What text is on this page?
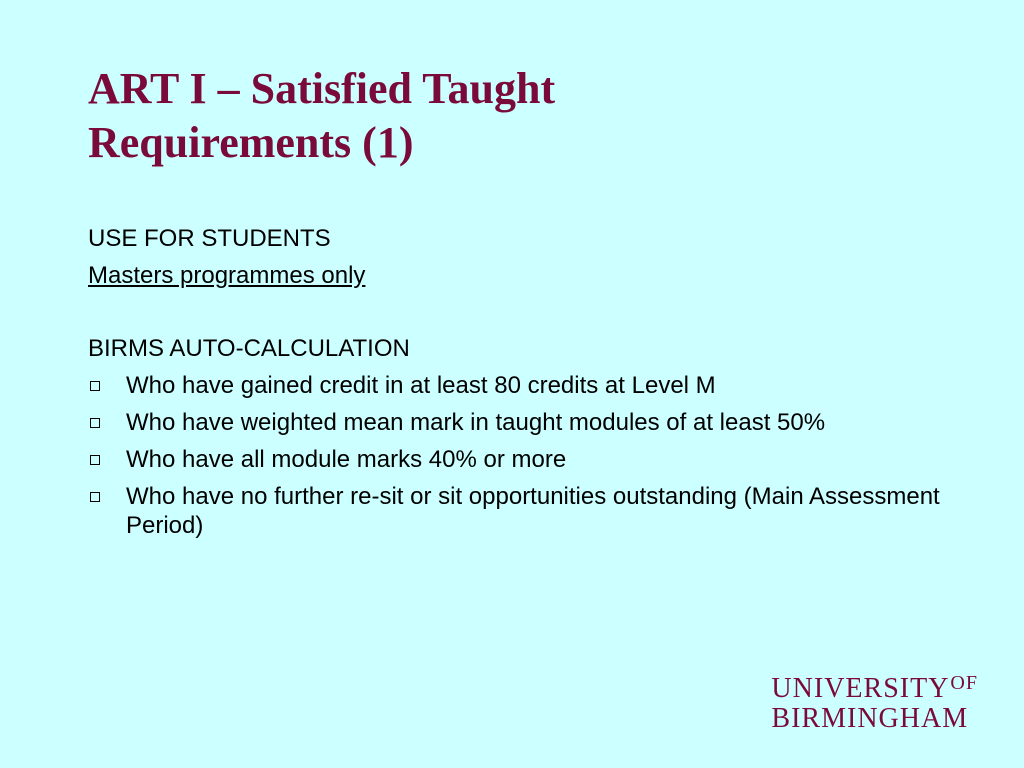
ART I – Satisfied Taught
Requirements (1)

USE FOR STUDENTS

Masters programmes only

BIRMS AUTO-CALCULATION

Who have gained credit in at least 80 credits at Level M
Who have weighted mean mark in taught modules of at least 50%
Who have all module marks 40% or more
Who have no further re-sit or sit opportunities outstanding (Main Assessment Period)
$UNIVERSITY^{OF}$
BIRMINGHAM
